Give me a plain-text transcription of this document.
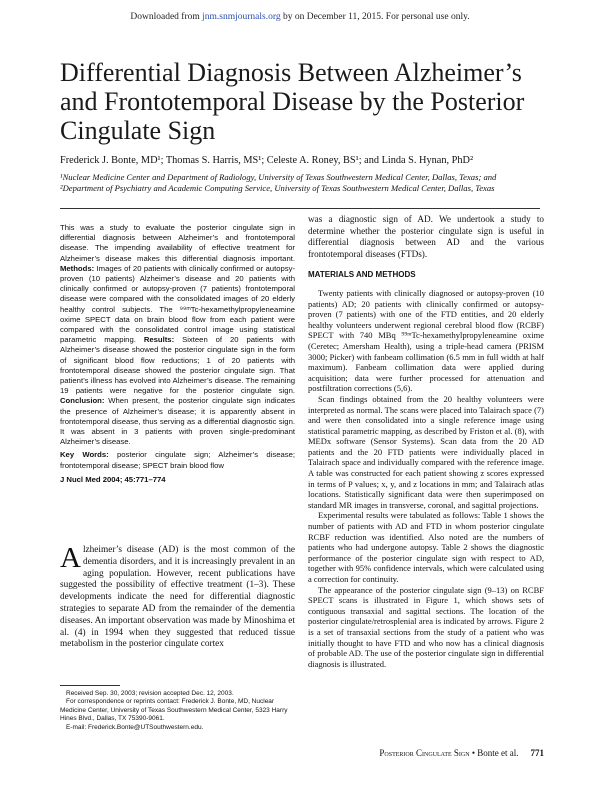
Downloaded from jnm.snmjournals.org by on December 11, 2015. For personal use only.
Differential Diagnosis Between Alzheimer’s and Frontotemporal Disease by the Posterior Cingulate Sign
Frederick J. Bonte, MD¹; Thomas S. Harris, MS¹; Celeste A. Roney, BS¹; and Linda S. Hynan, PhD²
¹Nuclear Medicine Center and Department of Radiology, University of Texas Southwestern Medical Center, Dallas, Texas; and
²Department of Psychiatry and Academic Computing Service, University of Texas Southwestern Medical Center, Dallas, Texas

This was a study to evaluate the posterior cingulate sign in differential diagnosis between Alzheimer’s and frontotemporal disease. The impending availability of effective treatment for Alzheimer’s disease makes this differential diagnosis important. Methods: Images of 20 patients with clinically confirmed or autopsy-proven (10 patients) Alzheimer’s disease and 20 patients with clinically confirmed or autopsy-proven (7 patients) frontotemporal disease were compared with the consolidated images of 20 elderly healthy control subjects. The ⁹⁹ᵐTc-hexamethylpropyleneamine oxime SPECT data on brain blood flow from each patient were compared with the consolidated control image using statistical parametric mapping. Results: Sixteen of 20 patients with Alzheimer’s disease showed the posterior cingulate sign in the form of significant blood flow reductions; 1 of 20 patients with frontotemporal disease showed the posterior cingulate sign. That patient’s illness has evolved into Alzheimer’s disease. The remaining 19 patients were negative for the posterior cingulate sign. Conclusion: When present, the posterior cingulate sign indicates the presence of Alzheimer’s disease; it is apparently absent in frontotemporal disease, thus serving as a differential diagnostic sign. It was absent in 3 patients with proven single-predominant Alzheimer’s disease.

Key Words: posterior cingulate sign; Alzheimer’s disease; frontotemporal disease; SPECT brain blood flow

J Nucl Med 2004; 45:771–774

Alzheimer’s disease (AD) is the most common of the dementia disorders, and it is increasingly prevalent in an aging population. However, recent publications have suggested the possibility of effective treatment (1–3). These developments indicate the need for differential diagnostic strategies to separate AD from the remainder of the dementia diseases. An important observation was made by Minoshima et al. (4) in 1994 when they suggested that reduced tissue metabolism in the posterior cingulate cortex

Received Sep. 30, 2003; revision accepted Dec. 12, 2003.

For correspondence or reprints contact: Frederick J. Bonte, MD, Nuclear Medicine Center, University of Texas Southwestern Medical Center, 5323 Harry Hines Blvd., Dallas, TX 75390-9061.

E-mail: Frederick.Bonte@UTSouthwestern.edu.

was a diagnostic sign of AD. We undertook a study to determine whether the posterior cingulate sign is useful in differential diagnosis between AD and the various frontotemporal diseases (FTDs).

MATERIALS AND METHODS

Twenty patients with clinically diagnosed or autopsy-proven (10 patients) AD; 20 patients with clinically confirmed or autopsy-proven (7 patients) with one of the FTD entities, and 20 elderly healthy volunteers underwent regional cerebral blood flow (RCBF) SPECT with 740 MBq ⁹⁹ᵐTc-hexamethylpropyleneamine oxime (Ceretec; Amersham Health), using a triple-head camera (PRISM 3000; Picker) with fanbeam collimation (6.5 mm in full width at half maximum). Fanbeam collimation data were applied during acquisition; data were further processed for attenuation and postfiltration corrections (5,6).

Scan findings obtained from the 20 healthy volunteers were interpreted as normal. The scans were placed into Talairach space (7) and were then consolidated into a single reference image using statistical parametric mapping, as described by Friston et al. (8), with MEDx software (Sensor Systems). Scan data from the 20 AD patients and the 20 FTD patients were individually placed in Talairach space and individually compared with the reference image. A table was constructed for each patient showing z scores expressed in terms of P values; x, y, and z locations in mm; and Talairach atlas locations. Statistically significant data were then superimposed on standard MR images in transverse, coronal, and sagittal projections.

Experimental results were tabulated as follows: Table 1 shows the number of patients with AD and FTD in whom posterior cingulate RCBF reduction was identified. Also noted are the numbers of patients who had undergone autopsy. Table 2 shows the diagnostic performance of the posterior cingulate sign with respect to AD, together with 95% confidence intervals, which were calculated using a correction for continuity.

The appearance of the posterior cingulate sign (9–13) on RCBF SPECT scans is illustrated in Figure 1, which shows sets of contiguous transaxial and sagittal sections. The location of the posterior cingulate/retrosplenial area is indicated by arrows. Figure 2 is a set of transaxial sections from the study of a patient who was initially thought to have FTD and who now has a clinical diagnosis of probable AD. The use of the posterior cingulate sign in differential diagnosis is illustrated.

Posterior Cingulate Sign • Bonte et al. 771
